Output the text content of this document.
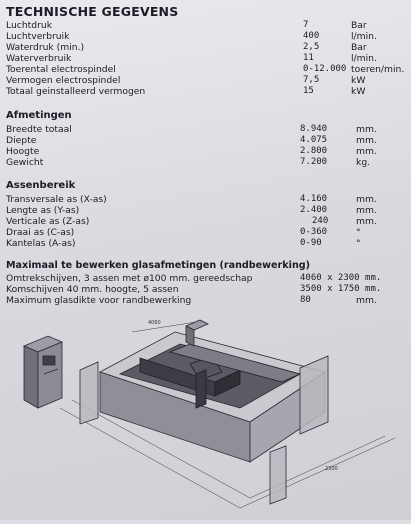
TECHNISCHE GEGEVENS
Luchtdruk	7	Bar
Luchtverbruik	400	l/min.
Waterdruk (min.)	2,5	Bar
Waterverbruik	11	l/min.
Toerental electrospindel	0-12.000 toeren/min.
Vermogen electrospindel	7,5	kW
Totaal geinstalleerd vermogen	15	kW
Afmetingen
Breedte totaal	8.940	mm.
Diepte	4.075	mm.
Hoogte	2.800	mm.
Gewicht	7.200	kg.
Assenbereik
Transversale as (X-as)	4.160	mm.
Lengte as (Y-as)	2.400	mm.
Verticale as (Z-as)	240	mm.
Draai as (C-as)	0-360	°
Kantelas (A-as)	0-90	°
Maximaal te bewerken glasafmetingen (randbewerking)
Omtrekschijven, 3 assen met ø100 mm. gereedschap	4060 x 2300 mm.
Komschijven 40 mm. hoogte, 5 assen	3500 x 1750 mm.
Maximum glasdikte voor randbewerking	80	mm.
4060
2300
